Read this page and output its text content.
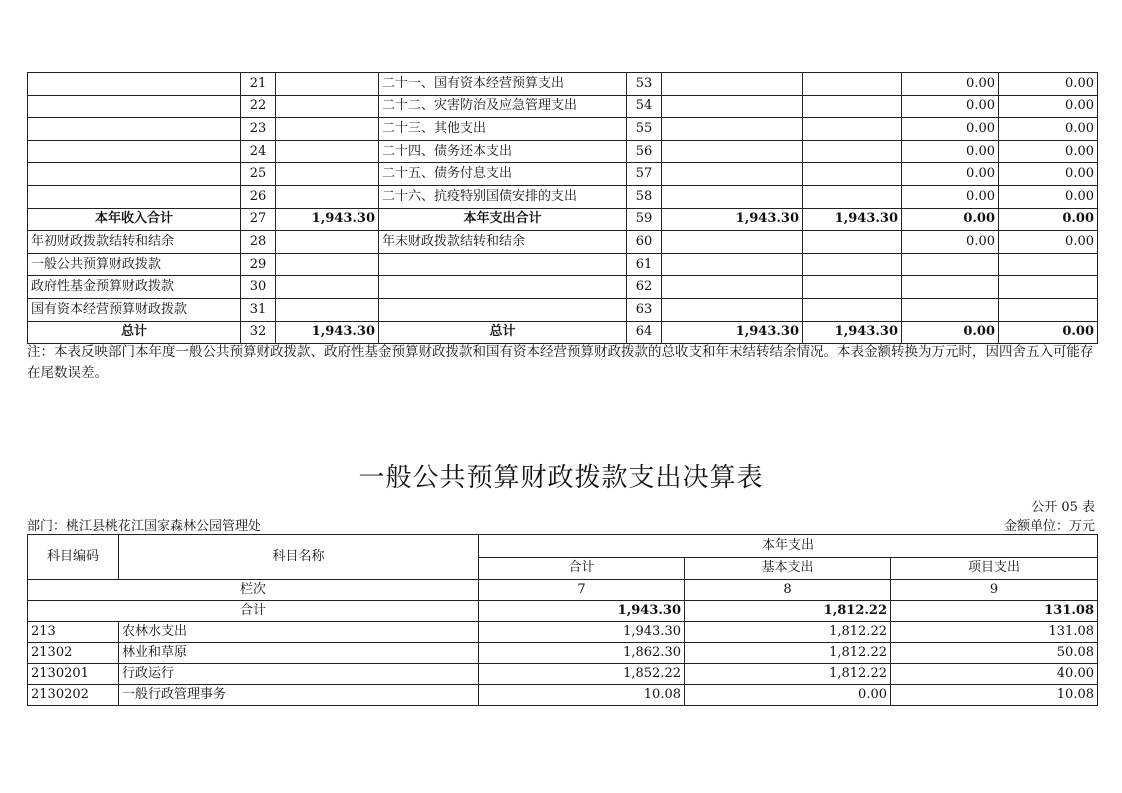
	21		二十一、国有资本经营预算支出	53			0.00	0.00
	22		二十二、灾害防治及应急管理支出	54			0.00	0.00
	23		二十三、其他支出	55			0.00	0.00
	24		二十四、债务还本支出	56			0.00	0.00
	25		二十五、债务付息支出	57			0.00	0.00
	26		二十六、抗疫特别国债安排的支出	58			0.00	0.00
本年收入合计	27	1,943.30	本年支出合计	59	1,943.30	1,943.30	0.00	0.00
年初财政拨款结转和结余	28		年末财政拨款结转和结余	60			0.00	0.00
一般公共预算财政拨款	29			61				
政府性基金预算财政拨款	30			62				
国有资本经营预算财政拨款	31			63				
总计	32	1,943.30	总计	64	1,943.30	1,943.30	0.00	0.00
注：本表反映部门本年度一般公共预算财政拨款、政府性基金预算财政拨款和国有资本经营预算财政拨款的总收支和年末结转结余情况。本表金额转换为万元时，因四舍五入可能存在尾数误差。
一般公共预算财政拨款支出决算表
公开 05 表
部门：桃江县桃花江国家森林公园管理处	金额单位：万元
科目编码	科目名称	本年支出		
		合计	基本支出	项目支出
栏次		7	8	9
合计		1,943.30	1,812.22	131.08
213	农林水支出	1,943.30	1,812.22	131.08
21302	林业和草原	1,862.30	1,812.22	50.08
2130201	行政运行	1,852.22	1,812.22	40.00
2130202	一般行政管理事务	10.08	0.00	10.08
